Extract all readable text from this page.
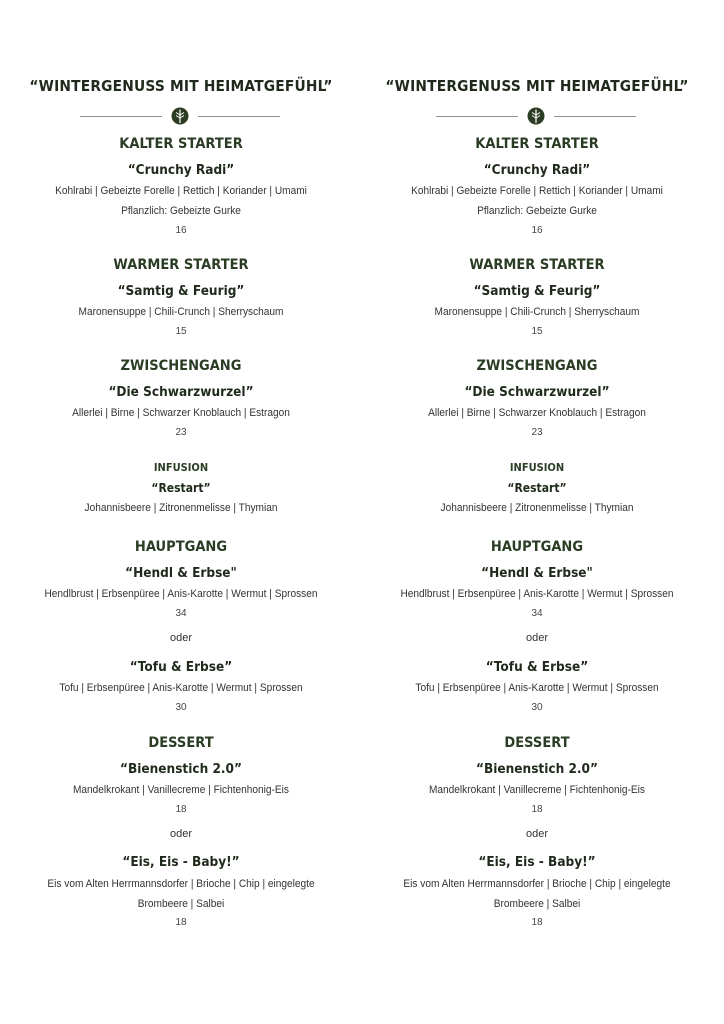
“WINTERGENUSS MIT HEIMATGEFÜHL”
KALTER STARTER
“Crunchy Radi”
Kohlrabi | Gebeizte Forelle | Rettich | Koriander | Umami
Pflanzlich: Gebeizte Gurke
16
WARMER STARTER
“Samtig & Feurig”
Maronensuppe | Chili-Crunch | Sherryschaum
15
ZWISCHENGANG
“Die Schwarzwurzel”
Allerlei | Birne | Schwarzer Knoblauch | Estragon
23
INFUSION
“Restart”
Johannisbeere | Zitronenmelisse | Thymian
HAUPTGANG
“Hendl & Erbse"
Hendlbrust | Erbsenpüree | Anis-Karotte | Wermut | Sprossen
34
oder
“Tofu & Erbse”
Tofu | Erbsenpüree | Anis-Karotte | Wermut | Sprossen
30
DESSERT
“Bienenstich 2.0”
Mandelkrokant | Vanillecreme | Fichtenhonig-Eis
18
oder
“Eis, Eis - Baby!”
Eis vom Alten Herrmannsdorfer | Brioche | Chip | eingelegte
Brombeere | Salbei
18
“WINTERGENUSS MIT HEIMATGEFÜHL”
KALTER STARTER
“Crunchy Radi”
Kohlrabi | Gebeizte Forelle | Rettich | Koriander | Umami
Pflanzlich: Gebeizte Gurke
16
WARMER STARTER
“Samtig & Feurig”
Maronensuppe | Chili-Crunch | Sherryschaum
15
ZWISCHENGANG
“Die Schwarzwurzel”
Allerlei | Birne | Schwarzer Knoblauch | Estragon
23
INFUSION
“Restart”
Johannisbeere | Zitronenmelisse | Thymian
HAUPTGANG
“Hendl & Erbse"
Hendlbrust | Erbsenpüree | Anis-Karotte | Wermut | Sprossen
34
oder
“Tofu & Erbse”
Tofu | Erbsenpüree | Anis-Karotte | Wermut | Sprossen
30
DESSERT
“Bienenstich 2.0”
Mandelkrokant | Vanillecreme | Fichtenhonig-Eis
18
oder
“Eis, Eis - Baby!”
Eis vom Alten Herrmannsdorfer | Brioche | Chip | eingelegte
Brombeere | Salbei
18
